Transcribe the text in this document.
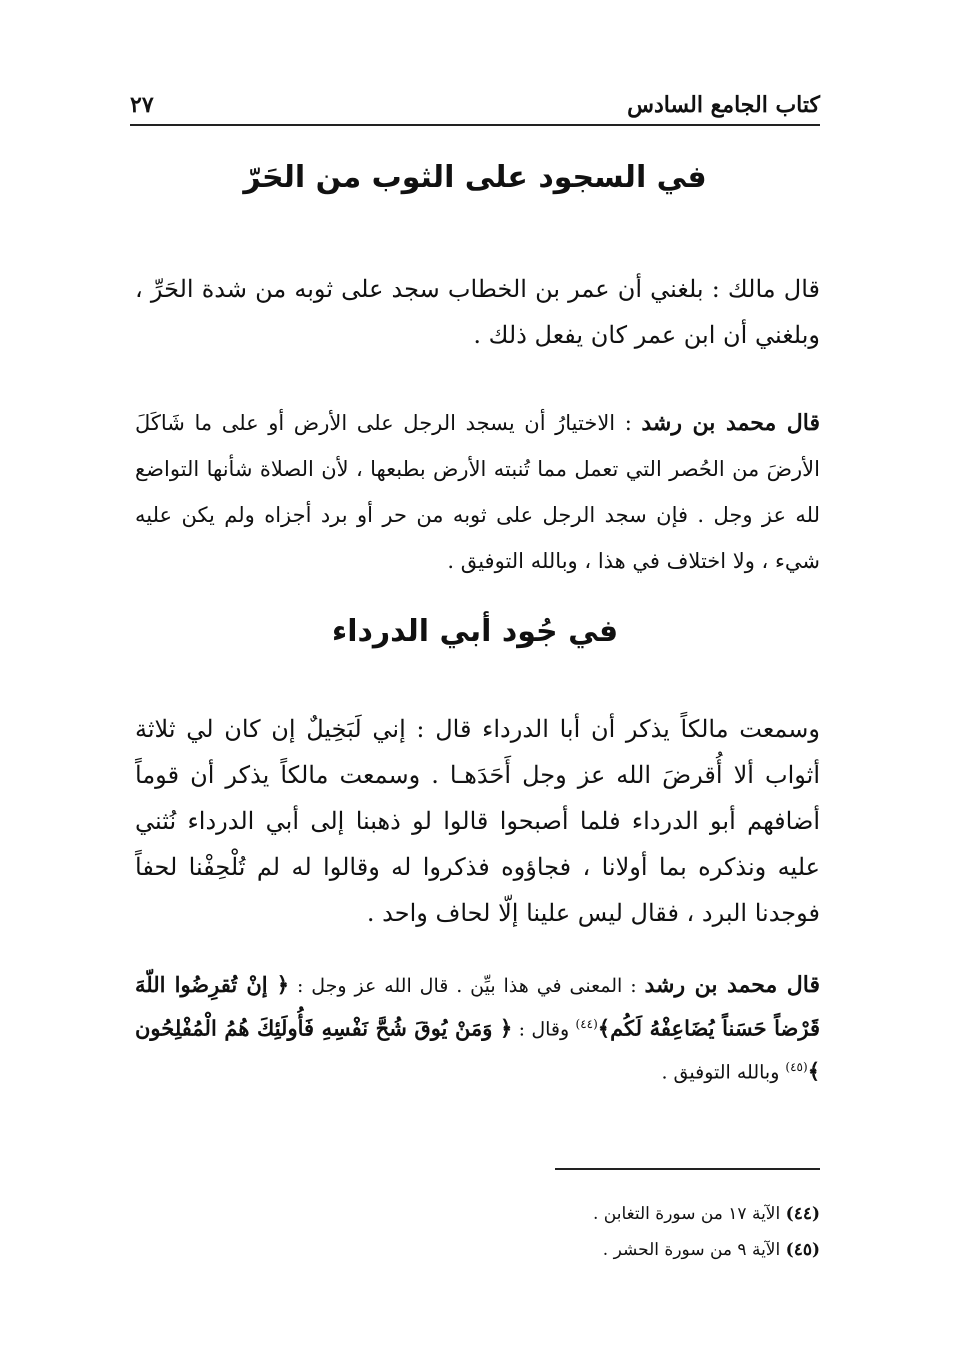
٢٧	كتاب الجامع السادس
في السجود على الثوب من الحَرّ
قال مالك : بلغني أن عمر بن الخطاب سجد على ثوبه من شدة الحَرِّ ، وبلغني أن ابن عمر كان يفعل ذلك .
قال محمد بن رشد : الاختيارُ أن يسجد الرجل على الأرض أو على ما شَاكَلَ الأرضَ من الحُصر التي تعمل مما تُنبته الأرض بطبعها ، لأن الصلاة شأنها التواضع لله عز وجل . فإن سجد الرجل على ثوبه من حر أو برد أجزاه ولم يكن عليه شيء ، ولا اختلاف في هذا ، وبالله التوفيق .
في جُود أبي الدرداء
وسمعت مالكاً يذكر أن أبا الدرداء قال : إني لَبَخِيلٌ إن كان لي ثلاثة أثواب ألا أُقرضَ الله عز وجل أَحَدَهـا . وسمعت مالكاً يذكر أن قوماً أضافهم أبو الدرداء فلما أصبحوا قالوا لو ذهبنا إلى أبي الدرداء نُثني عليه ونذكره بما أولانا ، فجاؤوه فذكروا له وقالوا له لم تُلْحِفْنا لحفاً فوجدنا البرد ، فقال ليس علينا إلّا لحاف واحد .
قال محمد بن رشد : المعنى في هذا بيِّن . قال الله عز وجل : ﴿ إنْ تُقرِضُوا اللّهَ قَرْضاً حَسَناً يُضَاعِفْهُ لَكُم﴾$^{(٤٤)}$ وقال : ﴿ وَمَنْ يُوقَ شُحَّ نَفْسِهِ فَأُولَئِكَ هُمُ الْمُفْلِحُون ﴾$^{(٤٥)}$ وبالله التوفيق .
(٤٤) الآية ١٧ من سورة التغابن .
(٤٥) الآية ٩ من سورة الحشر .
